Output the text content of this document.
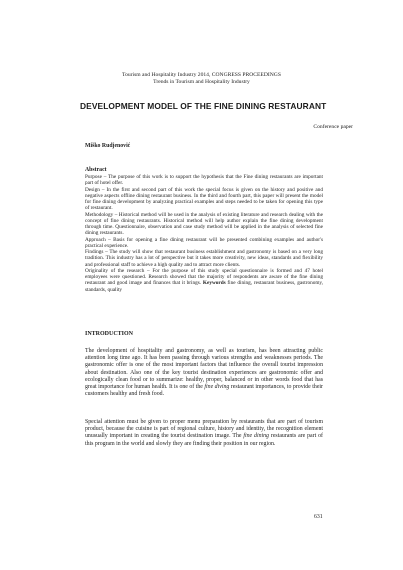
Tourism and Hospitality Industry 2014, CONGRESS PROCEEDINGS
Trends in Tourism and Hospitality Industry
DEVELOPMENT MODEL OF THE FINE DINING RESTAURANT
Conference paper
Miško Rudjenović
Abstract

Purpose – The purpose of this work is to support the hypothesis that the Fine dining restaurants are important part of hotel offer.

Design – In the first and second part of this work the special focus is given on the history and positive and negative aspects offline dining restaurant business. In the third and fourth part, this paper will present the model for fine dining development by analyzing practical examples and steps needed to be taken for opening this type of restaurant.

Methodology – Historical method will be used in the analysis of existing literature and research dealing with the concept of fine dining restaurants. Historical method will help author explain the fine dining development through time. Questionnaire, observation and case study method will be applied in the analysis of selected fine dining restaurants.

Approach – Basis for opening a fine dining restaurant will be presented combining examples and author's practical experience.

Findings – The study will show that restaurant business establishment and gastronomy is based on a very long tradition. This industry has a lot of perspective but it takes more creativity, new ideas, standards and flexibility and professional staff to achieve a high quality and to attract more clients.

Originality of the research – For the purpose of this study special questionnaire is formed and 47 hotel employees were questioned. Research showed that the majority of respondents are aware of the fine dining restaurant and good image and finances that it brings. Keywords fine dining, restaurant business, gastronomy, standards, quality

INTRODUCTION

The development of hospitality and gastronomy, as well as tourism, has been attracting public attention long time ago. It has been passing through various strengths and weaknesses periods. The gastronomic offer is one of the most important factors that influence the overall tourist impression about destination. Also one of the key tourist destination experiences are gastronomic offer and ecologically clean food or to summarize: healthy, proper, balanced or in other words food that has great importance for human health. It is one of the fine diving restaurant importances, to provide their customers healthy and fresh food.

Special attention must be given to proper menu preparation by restaurants that are part of tourism product, because the cuisine is part of regional culture, history and identity, the recognition element unusually important in creating the tourist destination image. The fine dining restaurants are part of this program in the world and slowly they are finding their position in our region.

631
